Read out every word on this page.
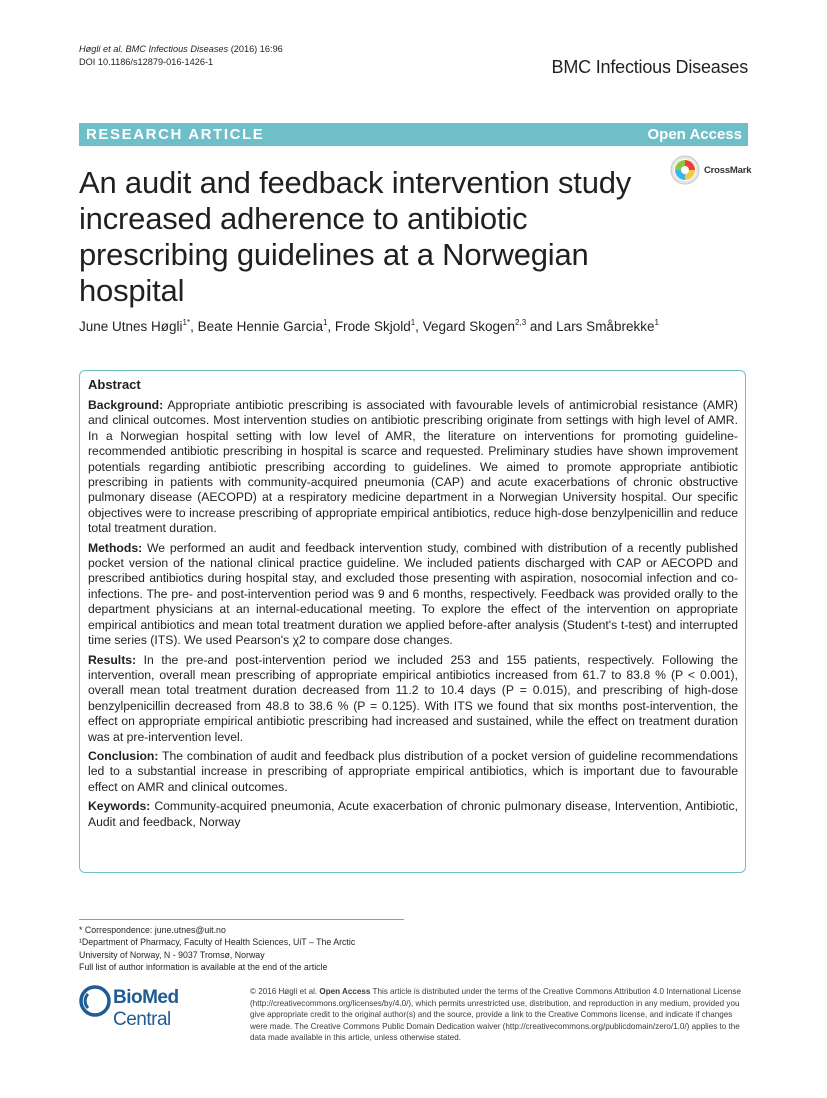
Høgli et al. BMC Infectious Diseases (2016) 16:96
DOI 10.1186/s12879-016-1426-1	BMC Infectious Diseases
RESEARCH ARTICLE	Open Access
An audit and feedback intervention study increased adherence to antibiotic prescribing guidelines at a Norwegian hospital
CrossMark
June Utnes Høgli$^{1*}$, Beate Hennie Garcia$^1$, Frode Skjold$^1$, Vegard Skogen$^{2,3}$ and Lars Småbrekke$^1$
Abstract

Background: Appropriate antibiotic prescribing is associated with favourable levels of antimicrobial resistance (AMR) and clinical outcomes. Most intervention studies on antibiotic prescribing originate from settings with high level of AMR. In a Norwegian hospital setting with low level of AMR, the literature on interventions for promoting guideline-recommended antibiotic prescribing in hospital is scarce and requested. Preliminary studies have shown improvement potentials regarding antibiotic prescribing according to guidelines. We aimed to promote appropriate antibiotic prescribing in patients with community-acquired pneumonia (CAP) and acute exacerbations of chronic obstructive pulmonary disease (AECOPD) at a respiratory medicine department in a Norwegian University hospital. Our specific objectives were to increase prescribing of appropriate empirical antibiotics, reduce high-dose benzylpenicillin and reduce total treatment duration.

Methods: We performed an audit and feedback intervention study, combined with distribution of a recently published pocket version of the national clinical practice guideline. We included patients discharged with CAP or AECOPD and prescribed antibiotics during hospital stay, and excluded those presenting with aspiration, nosocomial infection and co-infections. The pre- and post-intervention period was 9 and 6 months, respectively. Feedback was provided orally to the department physicians at an internal-educational meeting. To explore the effect of the intervention on appropriate empirical antibiotics and mean total treatment duration we applied before-after analysis (Student's t-test) and interrupted time series (ITS). We used Pearson's χ2 to compare dose changes.

Results: In the pre-and post-intervention period we included 253 and 155 patients, respectively. Following the intervention, overall mean prescribing of appropriate empirical antibiotics increased from 61.7 to 83.8 % (P < 0.001), overall mean total treatment duration decreased from 11.2 to 10.4 days (P = 0.015), and prescribing of high-dose benzylpenicillin decreased from 48.8 to 38.6 % (P = 0.125). With ITS we found that six months post-intervention, the effect on appropriate empirical antibiotic prescribing had increased and sustained, while the effect on treatment duration was at pre-intervention level.

Conclusion: The combination of audit and feedback plus distribution of a pocket version of guideline recommendations led to a substantial increase in prescribing of appropriate empirical antibiotics, which is important due to favourable effect on AMR and clinical outcomes.

Keywords: Community-acquired pneumonia, Acute exacerbation of chronic pulmonary disease, Intervention, Antibiotic, Audit and feedback, Norway

* Correspondence: june.utnes@uit.no
¹Department of Pharmacy, Faculty of Health Sciences, UiT – The Arctic
University of Norway, N - 9037 Tromsø, Norway
Full list of author information is available at the end of the article
BioMed Central
© 2016 Høgli et al. Open Access This article is distributed under the terms of the Creative Commons Attribution 4.0 International License (http://creativecommons.org/licenses/by/4.0/), which permits unrestricted use, distribution, and reproduction in any medium, provided you give appropriate credit to the original author(s) and the source, provide a link to the Creative Commons license, and indicate if changes were made. The Creative Commons Public Domain Dedication waiver (http://creativecommons.org/publicdomain/zero/1.0/) applies to the data made available in this article, unless otherwise stated.
